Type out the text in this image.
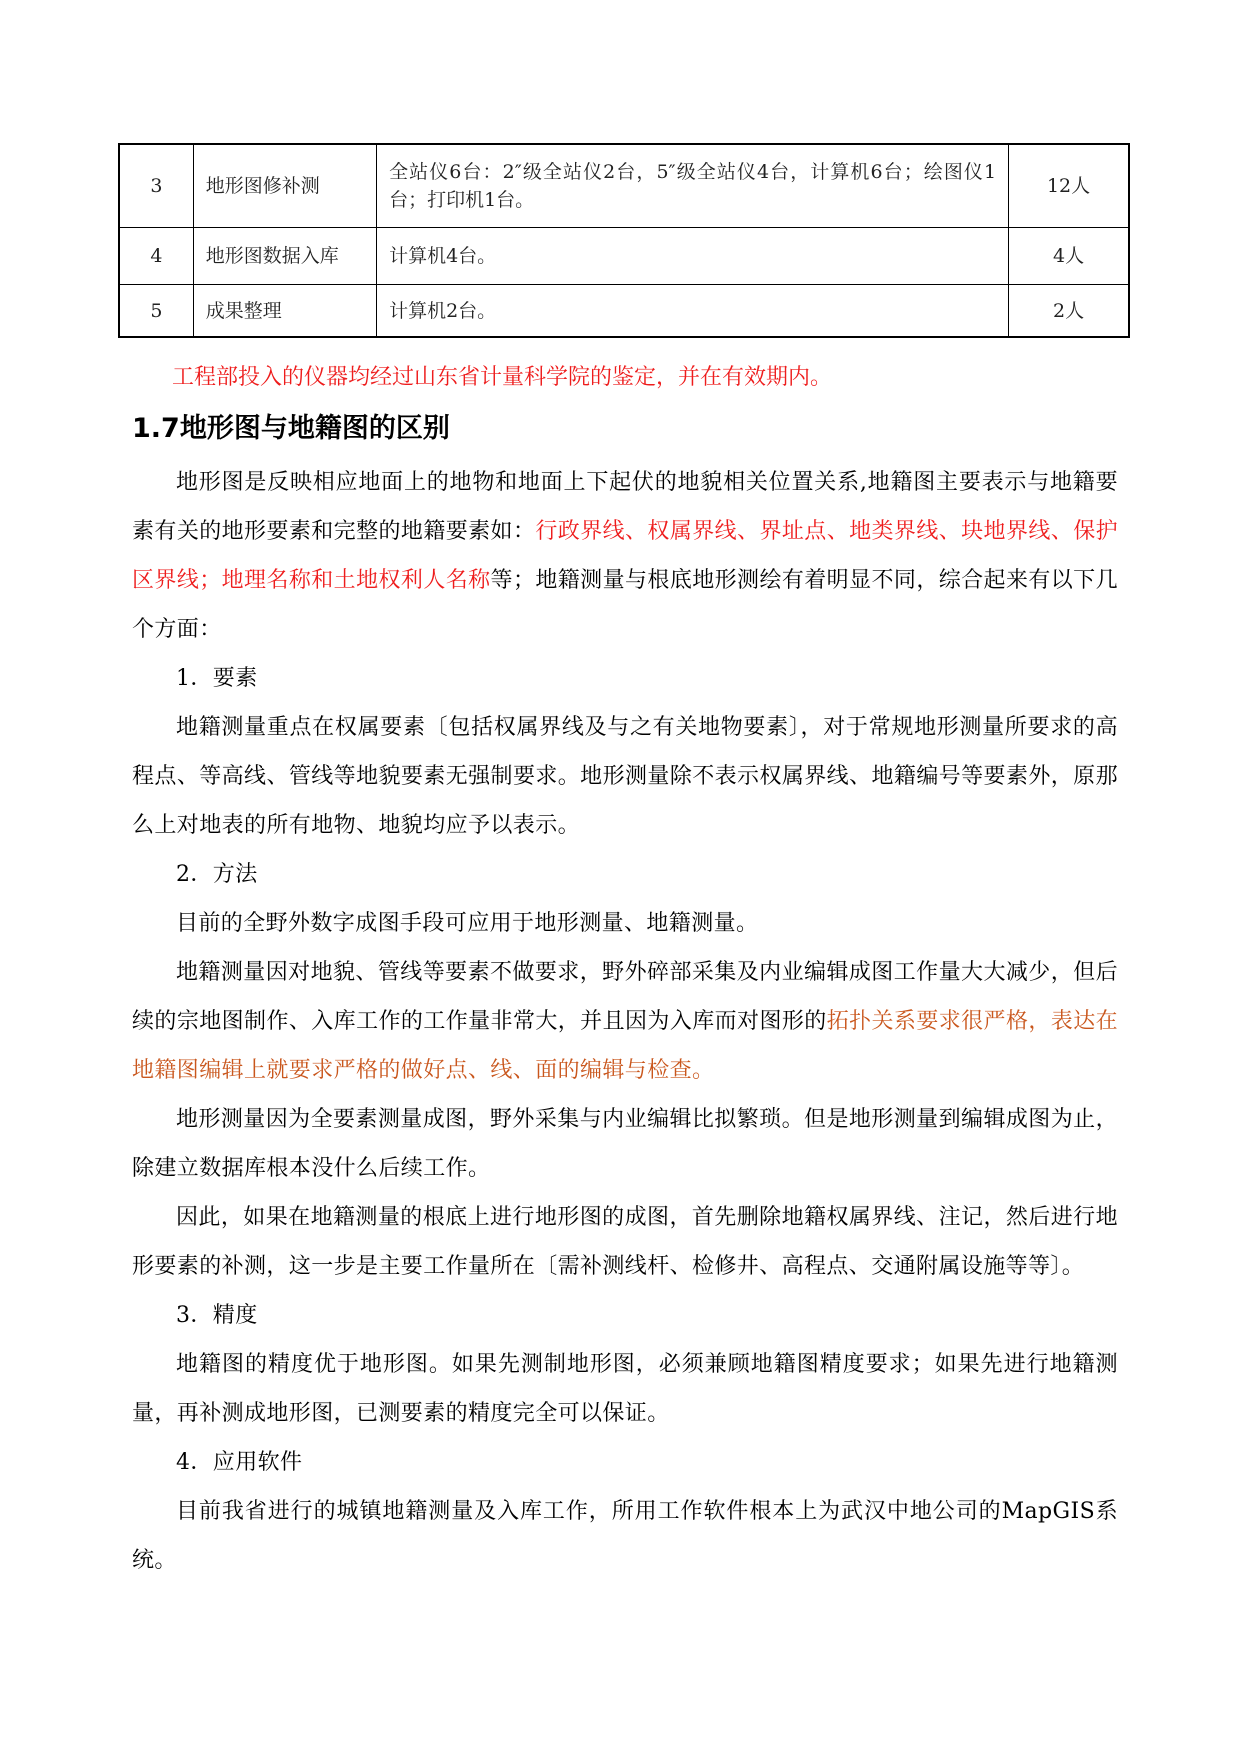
3	地形图修补测	全站仪6台：2″级全站仪2台，5″级全站仪4台，计算机6台；绘图仪1台；打印机1台。	12人
4	地形图数据入库	计算机4台。	4人
5	成果整理	计算机2台。	2人
工程部投入的仪器均经过山东省计量科学院的鉴定，并在有效期内。
1.7地形图与地籍图的区别

地形图是反映相应地面上的地物和地面上下起伏的地貌相关位置关系,地籍图主要表示与地籍要素有关的地形要素和完整的地籍要素如：行政界线、权属界线、界址点、地类界线、块地界线、保护区界线；地理名称和土地权利人名称等；地籍测量与根底地形测绘有着明显不同，综合起来有以下几个方面：

1．要素

地籍测量重点在权属要素〔包括权属界线及与之有关地物要素〕，对于常规地形测量所要求的高程点、等高线、管线等地貌要素无强制要求。地形测量除不表示权属界线、地籍编号等要素外，原那么上对地表的所有地物、地貌均应予以表示。

2．方法

目前的全野外数字成图手段可应用于地形测量、地籍测量。

地籍测量因对地貌、管线等要素不做要求，野外碎部采集及内业编辑成图工作量大大减少，但后续的宗地图制作、入库工作的工作量非常大，并且因为入库而对图形的拓扑关系要求很严格，表达在地籍图编辑上就要求严格的做好点、线、面的编辑与检查。

地形测量因为全要素测量成图，野外采集与内业编辑比拟繁琐。但是地形测量到编辑成图为止，除建立数据库根本没什么后续工作。

因此，如果在地籍测量的根底上进行地形图的成图，首先删除地籍权属界线、注记，然后进行地形要素的补测，这一步是主要工作量所在〔需补测线杆、检修井、高程点、交通附属设施等等〕。

3．精度

地籍图的精度优于地形图。如果先测制地形图，必须兼顾地籍图精度要求；如果先进行地籍测量，再补测成地形图，已测要素的精度完全可以保证。

4．应用软件

目前我省进行的城镇地籍测量及入库工作，所用工作软件根本上为武汉中地公司的MapGIS系统。
